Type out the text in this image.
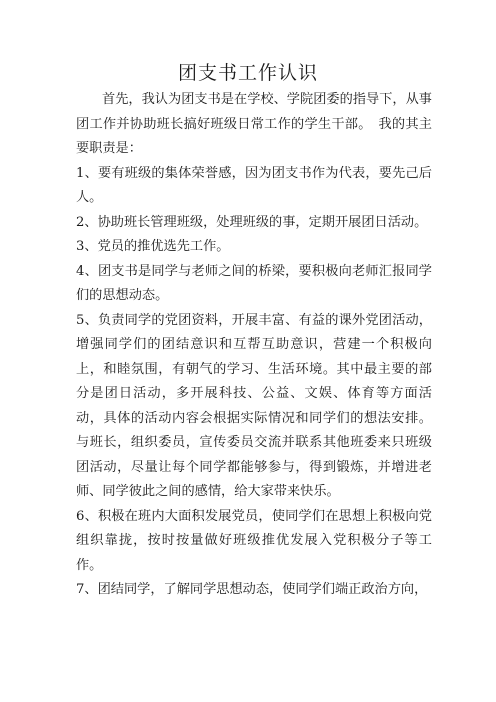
团支书工作认识

首先，我认为团支书是在学校、学院团委的指导下，从事团工作并协助班长搞好班级日常工作的学生干部。　我的其主要职责是：

1、要有班级的集体荣誉感，因为团支书作为代表，要先己后人。

2、协助班长管理班级，处理班级的事，定期开展团日活动。

3、党员的推优选先工作。

4、团支书是同学与老师之间的桥梁，要积极向老师汇报同学们的思想动态。

5、负责同学的党团资料，开展丰富、有益的课外党团活动，增强同学们的团结意识和互帮互助意识，营建一个积极向上，和睦氛围，有朝气的学习、生活环境。其中最主要的部分是团日活动，多开展科技、公益、文娱、体育等方面活动，具体的活动内容会根据实际情况和同学们的想法安排。与班长，组织委员，宣传委员交流并联系其他班委来只班级团活动，尽量让每个同学都能够参与，得到锻炼，并增进老师、同学彼此之间的感情，给大家带来快乐。

6、积极在班内大面积发展党员，使同学们在思想上积极向党组织靠拢，按时按量做好班级推优发展入党积极分子等工作。

7、团结同学，了解同学思想动态，使同学们端正政治方向，
